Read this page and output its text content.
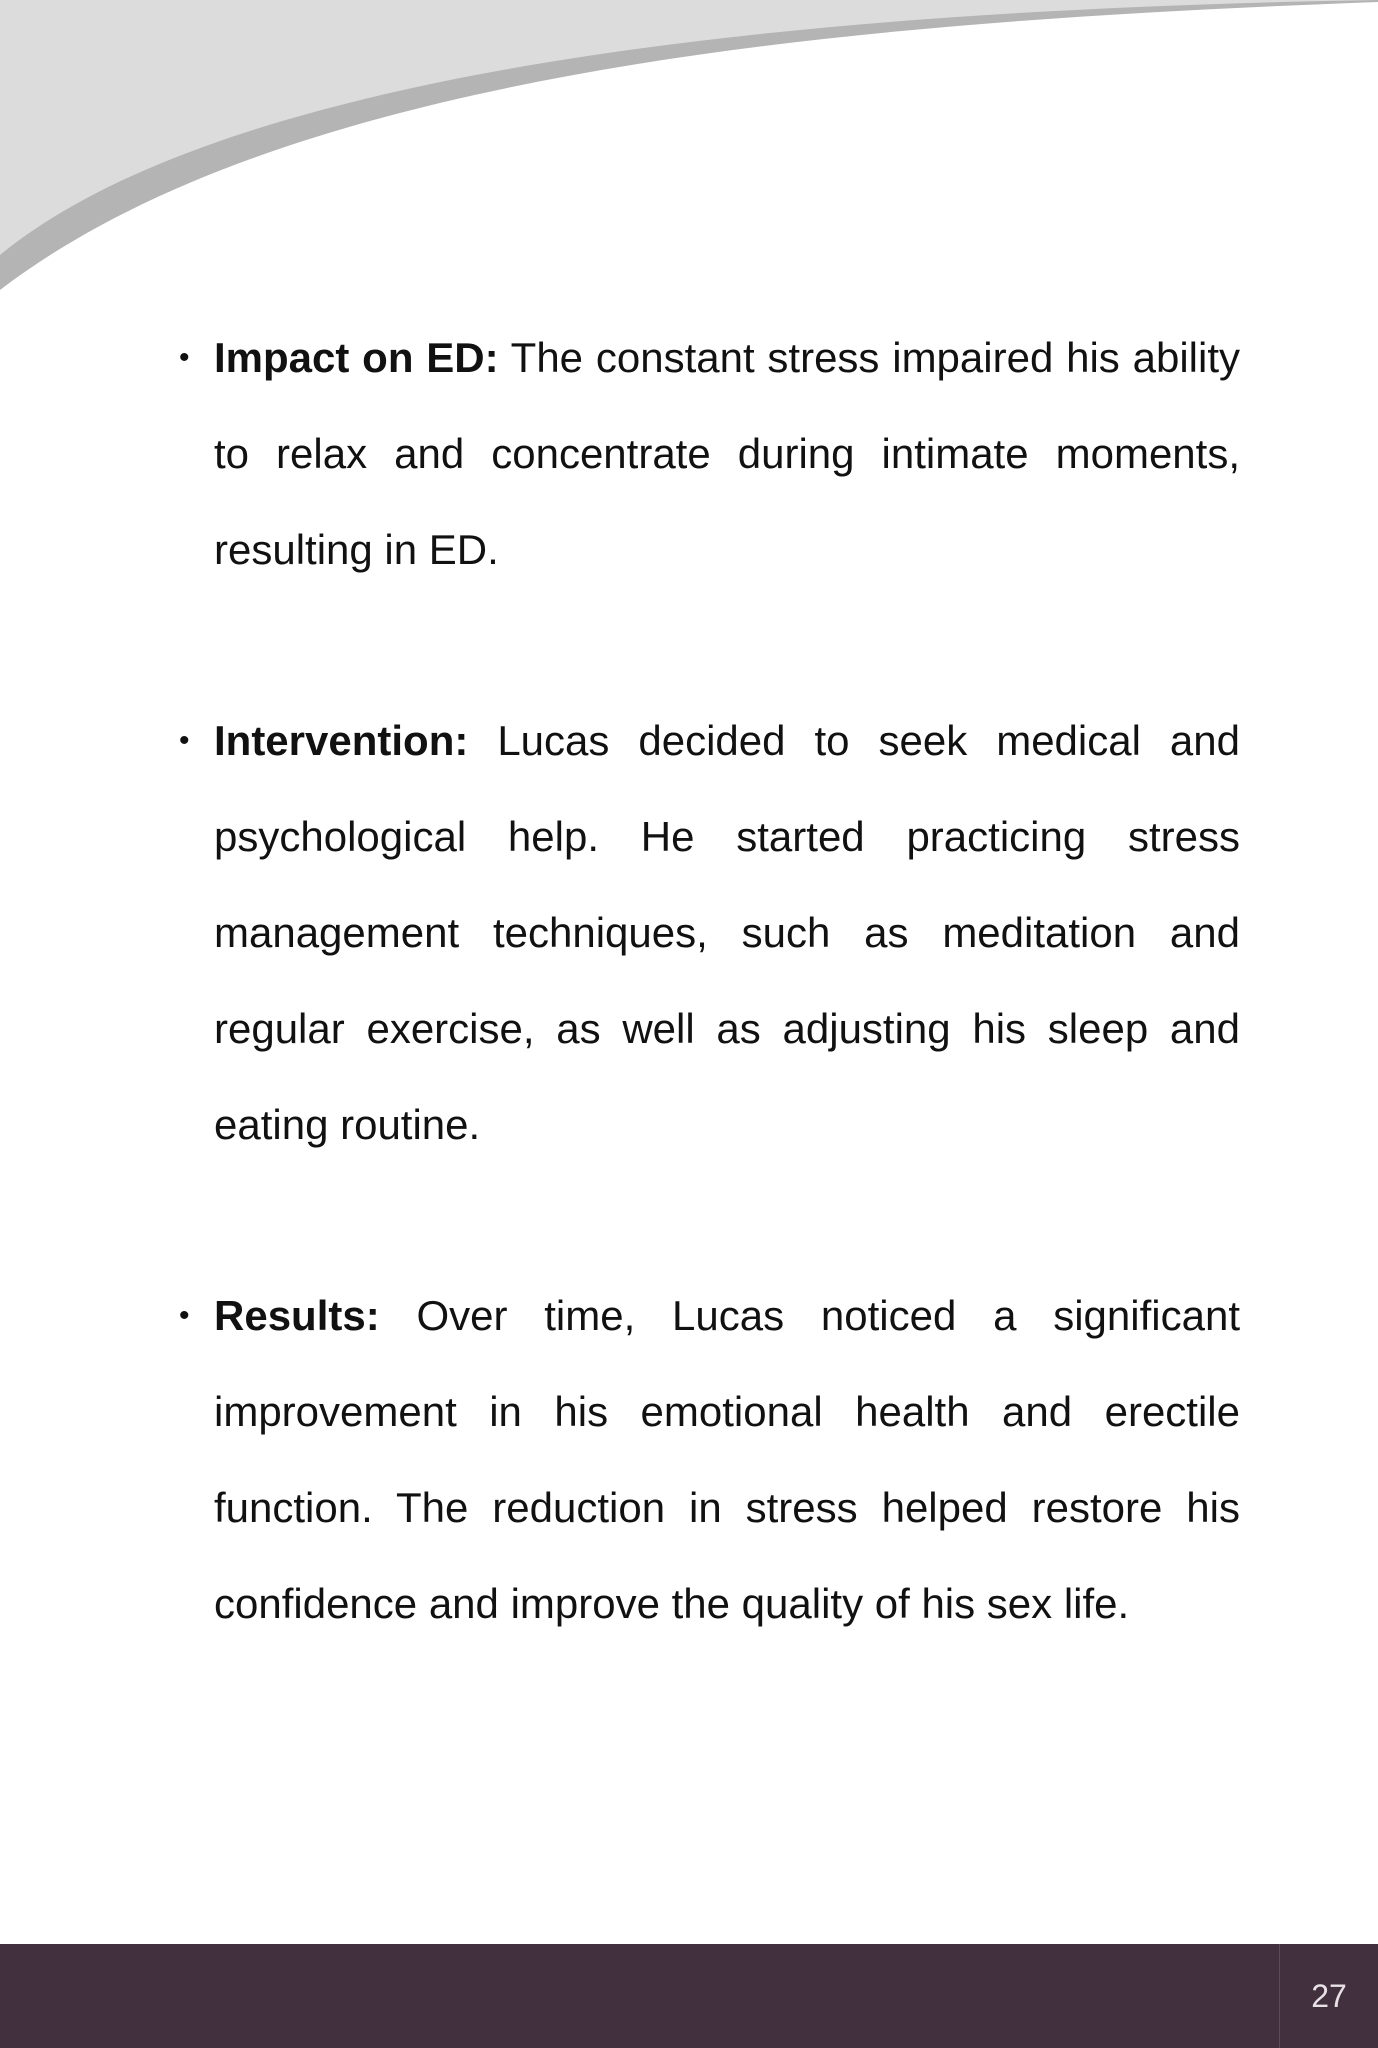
• Impact on ED: The constant stress impaired his ability to relax and concentrate during intimate moments, resulting in ED.

• Intervention: Lucas decided to seek medical and psychological help. He started practicing stress management techniques, such as meditation and regular exercise, as well as adjusting his sleep and eating routine.

• Results: Over time, Lucas noticed a significant improvement in his emotional health and erectile function. The reduction in stress helped restore his confidence and improve the quality of his sex life.

27
